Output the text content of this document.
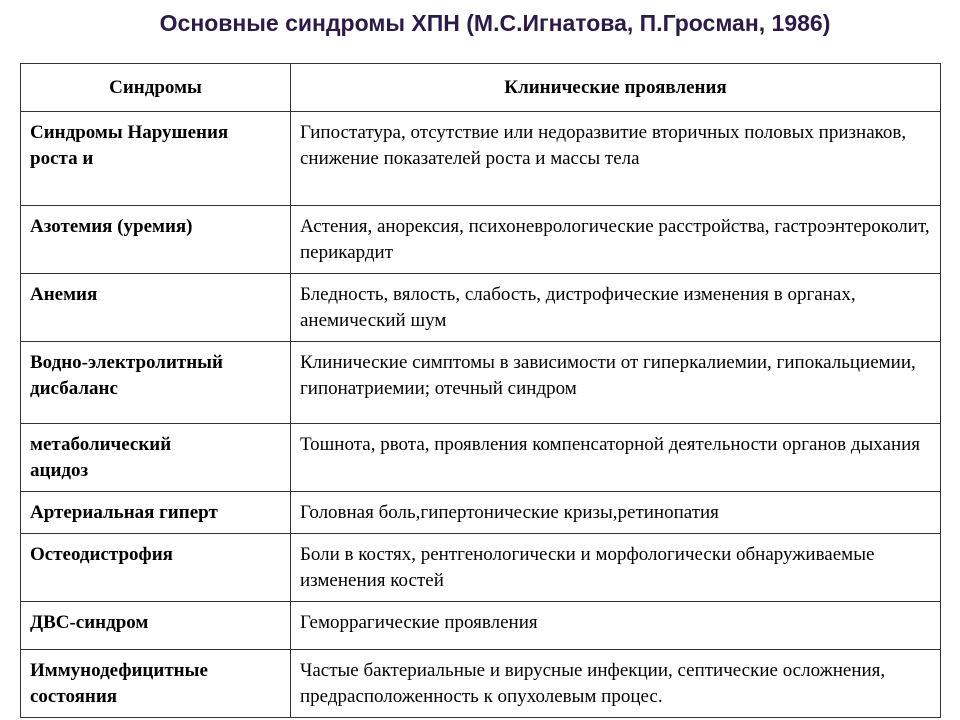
Основные синдромы ХПН (М.С.Игнатова, П.Гросман, 1986)
Синдромы	Клинические проявления
Синдромы Нарушения роста и	Гипостатура, отсутствие или недоразвитие вторичных половых признаков, снижение показателей роста и массы тела
Азотемия (уремия)	Астения, анорексия, психоневрологические расстройства, гастроэнтероколит, перикардит
Анемия	Бледность, вялость, слабость, дистрофические изменения в органах, анемический шум
Водно-электролитный дисбаланс	Клинические симптомы в зависимости от гиперкалиемии, гипокальциемии, гипонатриемии; отечный синдром
метаболический ацидоз	Тошнота, рвота, проявления компенсаторной деятельности органов дыхания
Артериальная гиперт	Головная боль,гипертонические кризы,ретинопатия
Остеодистрофия	Боли в костях, рентгенологически и морфологически обнаруживаемые изменения костей
ДВС-синдром	Геморрагические проявления
Иммунодефицитные состояния	Частые бактериальные и вирусные инфекции, септические осложнения, предрасположенность к опухолевым процес.
